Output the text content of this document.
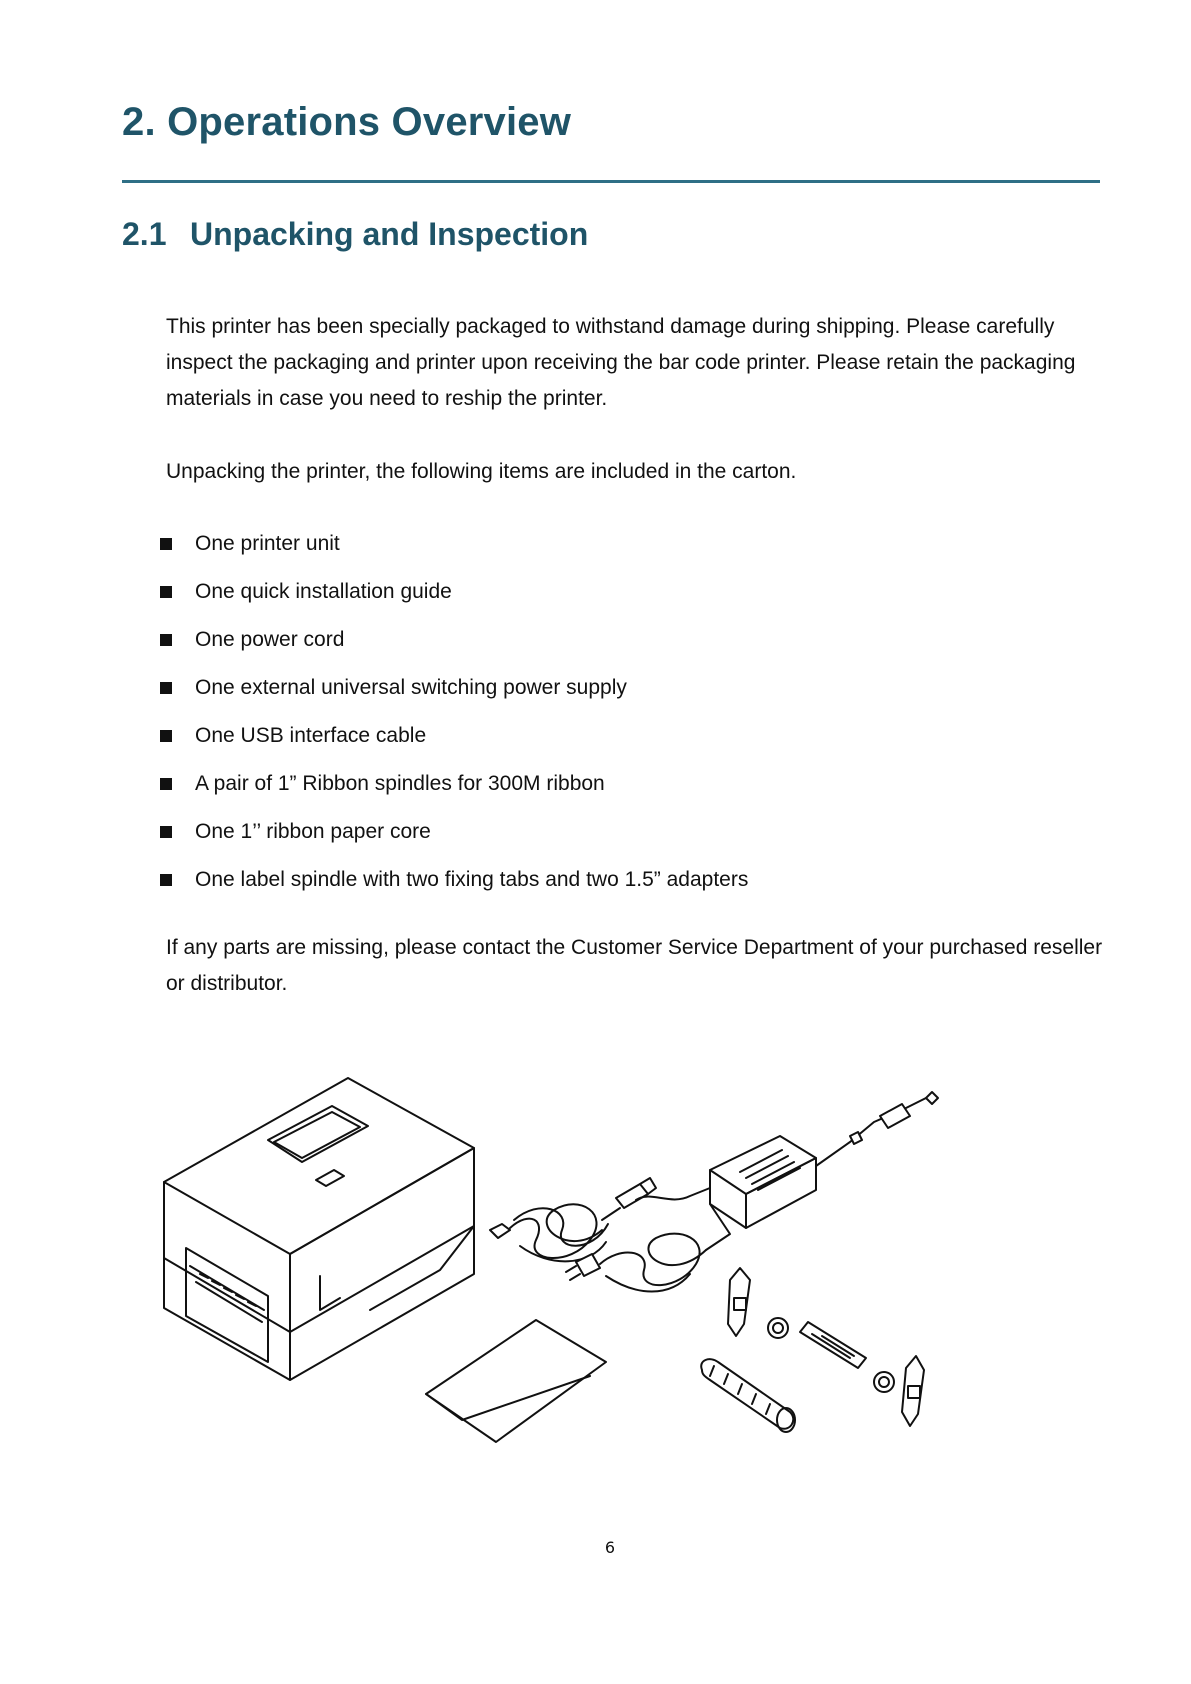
2. Operations Overview
2.1 Unpacking and Inspection

This printer has been specially packaged to withstand damage during shipping. Please carefully inspect the packaging and printer upon receiving the bar code printer. Please retain the packaging materials in case you need to reship the printer.

Unpacking the printer, the following items are included in the carton.

One printer unit
One quick installation guide
One power cord
One external universal switching power supply
One USB interface cable
A pair of 1” Ribbon spindles for 300M ribbon
One 1’’ ribbon paper core
One label spindle with two fixing tabs and two 1.5” adapters

If any parts are missing, please contact the Customer Service Department of your purchased reseller or distributor.

6
